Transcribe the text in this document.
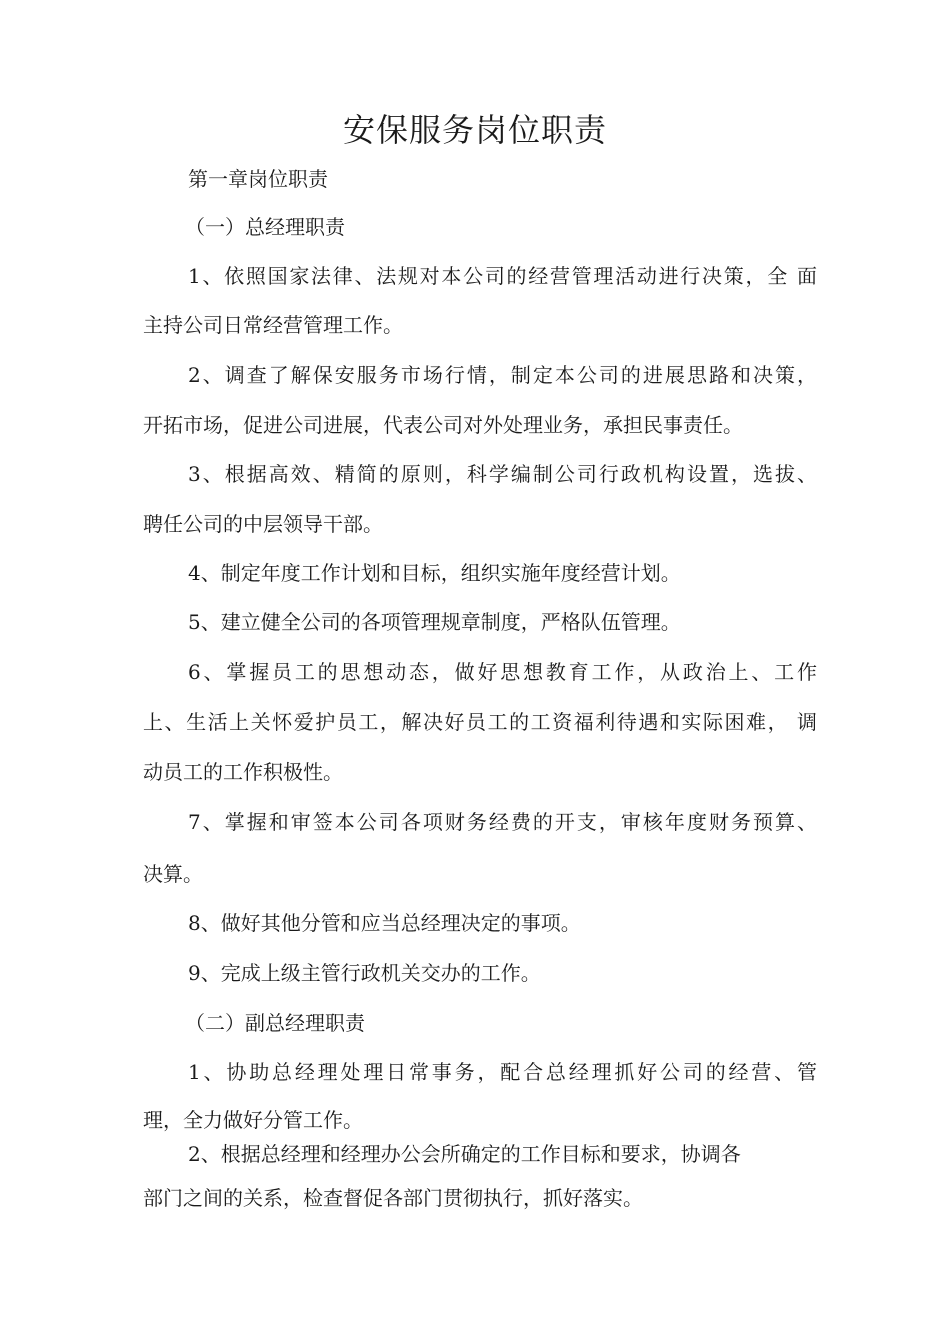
安保服务岗位职责
第一章岗位职责
（一）总经理职责
1、依照国家法律、法规对本公司的经营管理活动进行决策，全 面
主持公司日常经营管理工作。
2、调查了解保安服务市场行情，制定本公司的进展思路和决策，
开拓市场，促进公司进展，代表公司对外处理业务，承担民事责任。
3、根据高效、精简的原则，科学编制公司行政机构设置，选拔、
聘任公司的中层领导干部。
4、制定年度工作计划和目标，组织实施年度经营计划。
5、建立健全公司的各项管理规章制度，严格队伍管理。
6、掌握员工的思想动态，做好思想教育工作，从政治上、工作
上、生活上关怀爱护员工，解决好员工的工资福利待遇和实际困难， 调
动员工的工作积极性。
7、掌握和审签本公司各项财务经费的开支，审核年度财务预算、
决算。
8、做好其他分管和应当总经理决定的事项。
9、完成上级主管行政机关交办的工作。
（二）副总经理职责
1、协助总经理处理日常事务，配合总经理抓好公司的经营、管
理，全力做好分管工作。
2、根据总经理和经理办公会所确定的工作目标和要求，协调各
部门之间的关系，检查督促各部门贯彻执行，抓好落实。
